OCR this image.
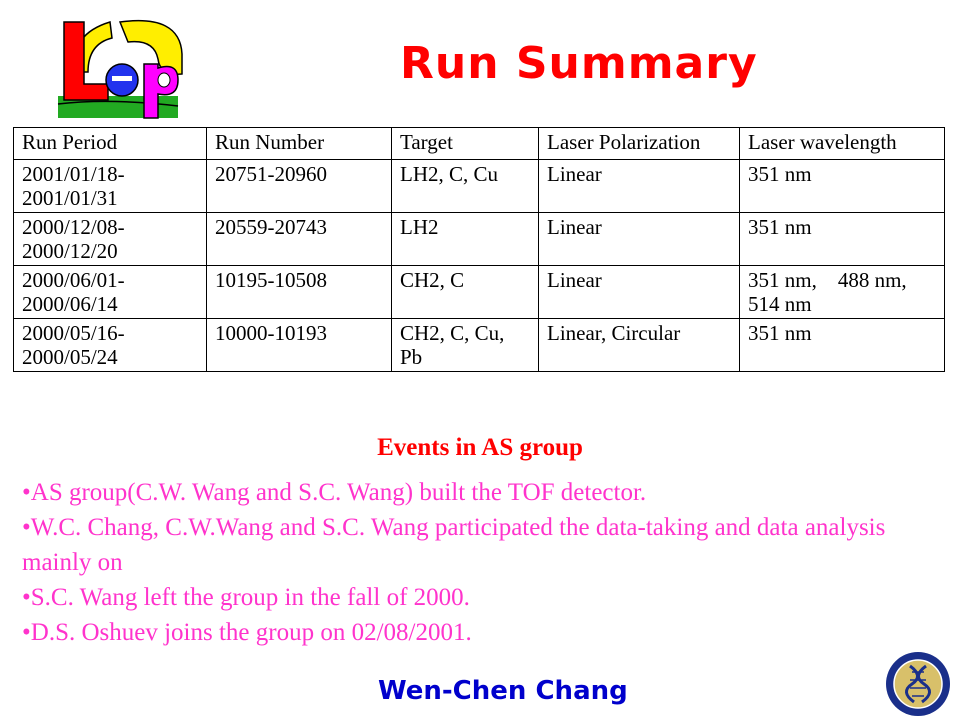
Run Summary
Run Period	Run Number	Target	Laser Polarization	Laser wavelength
2001/01/18-
2001/01/31	20751-20960	LH2, C, Cu	Linear	351 nm
2000/12/08-
2000/12/20	20559-20743	LH2	Linear	351 nm
2000/06/01-
2000/06/14	10195-10508	CH2, C	Linear	351 nm,    488 nm, 514 nm
2000/05/16-
2000/05/24	10000-10193	CH2, C, Cu, Pb	Linear, Circular	351 nm
Events in AS group
• AS group(C.W. Wang and S.C. Wang) built the TOF detector.
• W.C. Chang, C.W.Wang and S.C. Wang participated the data-taking and data analysis mainly on
• S.C. Wang left the group in the fall of 2000.
• D.S. Oshuev joins the group on 02/08/2001.
Wen-Chen Chang
